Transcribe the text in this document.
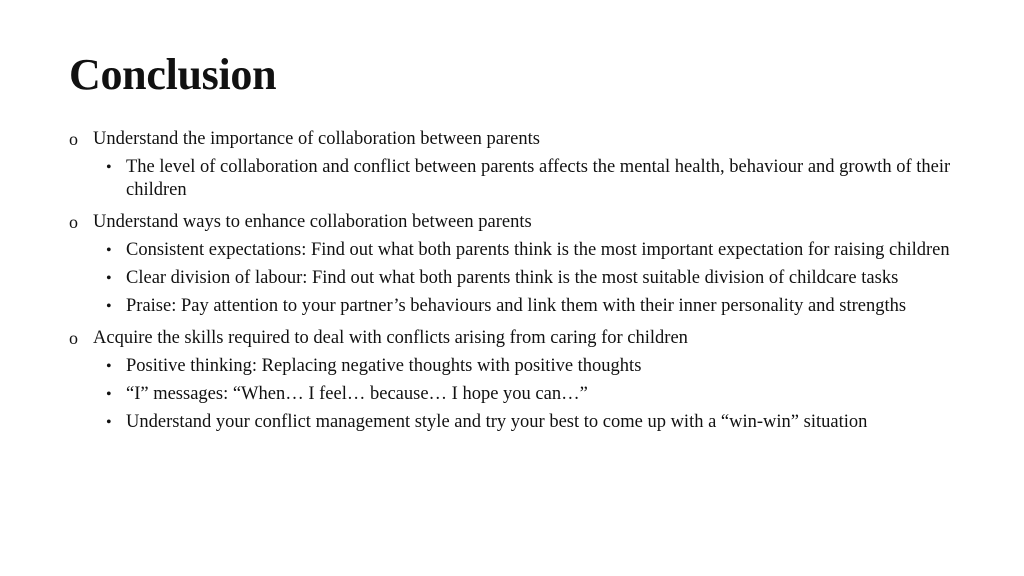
Conclusion
o Understand the importance of collaboration between parents
• The level of collaboration and conflict between parents affects the mental health, behaviour and growth of their children
o Understand ways to enhance collaboration between parents
• Consistent expectations: Find out what both parents think is the most important expectation for raising children
• Clear division of labour: Find out what both parents think is the most suitable division of childcare tasks
• Praise: Pay attention to your partner’s behaviours and link them with their inner personality and strengths
o Acquire the skills required to deal with conflicts arising from caring for children
• Positive thinking: Replacing negative thoughts with positive thoughts
• “I” messages: “When… I feel… because… I hope you can…”
• Understand your conflict management style and try your best to come up with a “win-win” situation
